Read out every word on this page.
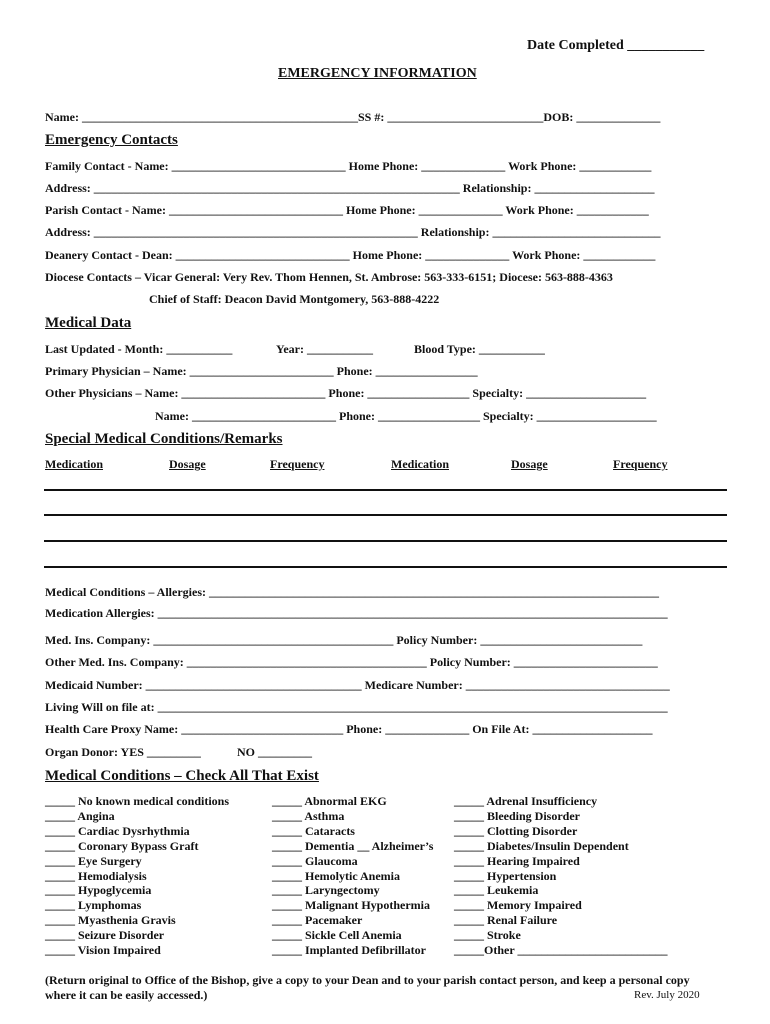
Date Completed ___________
EMERGENCY INFORMATION
Name: ______________________________________________SS #: __________________________DOB: ______________
Emergency Contacts
Family Contact - Name: _____________________________ Home Phone: ______________ Work Phone: ____________
Address: _____________________________________________________________ Relationship: ____________________
Parish Contact - Name: _____________________________ Home Phone: ______________ Work Phone: ____________
Address: ______________________________________________________ Relationship: ____________________________
Deanery Contact - Dean: _____________________________ Home Phone: ______________ Work Phone: ____________
Diocese Contacts – Vicar General: Very Rev. Thom Hennen, St. Ambrose: 563-333-6151; Diocese: 563-888-4363
Chief of Staff: Deacon David Montgomery, 563-888-4222
Medical Data
Last Updated - Month: ___________	Year: ___________	Blood Type: ___________
Primary Physician – Name: ________________________ Phone: _________________
Other Physicians – Name: ________________________ Phone: _________________ Specialty: ____________________
Name: ________________________ Phone: _________________ Specialty: ____________________
Special Medical Conditions/Remarks
Medication	Dosage	Frequency	Medication	Dosage	Frequency
Medical Conditions – Allergies: ___________________________________________________________________________
Medication Allergies: _____________________________________________________________________________________
Med. Ins. Company: ________________________________________ Policy Number: ___________________________
Other Med. Ins. Company: ________________________________________ Policy Number: ________________________
Medicaid Number: ____________________________________ Medicare Number: __________________________________
Living Will on file at: _____________________________________________________________________________________
Health Care Proxy Name: ___________________________ Phone: ______________ On File At: ____________________
Organ Donor: YES _________	NO _________
Medical Conditions – Check All That Exist
_____ No known medical conditions
_____ Angina
_____ Cardiac Dysrhythmia
_____ Coronary Bypass Graft
_____ Eye Surgery
_____ Hemodialysis
_____ Hypoglycemia
_____ Lymphomas
_____ Myasthenia Gravis
_____ Seizure Disorder
_____ Vision Impaired
_____ Abnormal EKG
_____ Asthma
_____ Cataracts
_____ Dementia __ Alzheimer’s
_____ Glaucoma
_____ Hemolytic Anemia
_____ Laryngectomy
_____ Malignant Hypothermia
_____ Pacemaker
_____ Sickle Cell Anemia
_____ Implanted Defibrillator
_____ Adrenal Insufficiency
_____ Bleeding Disorder
_____ Clotting Disorder
_____ Diabetes/Insulin Dependent
_____ Hearing Impaired
_____ Hypertension
_____ Leukemia
_____ Memory Impaired
_____ Renal Failure
_____ Stroke
_____Other _________________________
(Return original to Office of the Bishop, give a copy to your Dean and to your parish contact person, and keep a personal copy
where it can be easily accessed.)	Rev. July 2020
